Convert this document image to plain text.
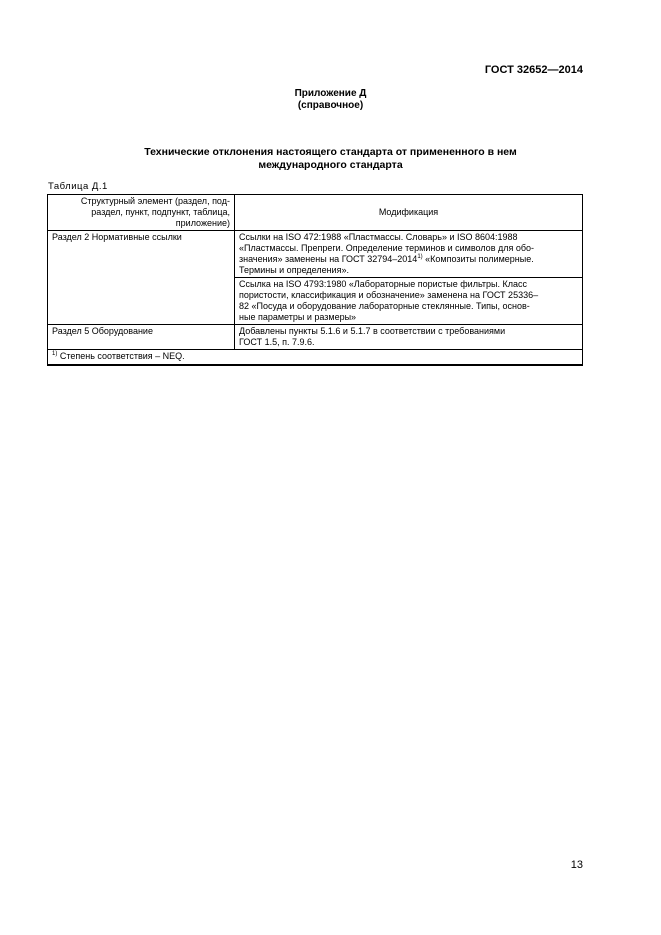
ГОСТ 32652—2014
Приложение Д
(справочное)
Технические отклонения настоящего стандарта от примененного в нем
международного стандарта
Таблица Д.1
Структурный элемент (раздел, под-
раздел, пункт, подпункт, таблица,
приложение)	Модификация
Раздел 2 Нормативные ссылки	Ссылки на ISO 472:1988 «Пластмассы. Словарь» и ISO 8604:1988
«Пластмассы. Препреги. Определение терминов и символов для обо-
значения» заменены на ГОСТ 32794–2014$^{1)}$ «Композиты полимерные.
Термины и определения».

	Ссылка на ISO 4793:1980 «Лабораторные пористые фильтры. Класс
пористости, классификация и обозначение» заменена на ГОСТ 25336–
82 «Посуда и оборудование лабораторные стеклянные. Типы, основ-
ные параметры и размеры»

Раздел 5 Оборудование	Добавлены пункты 5.1.6 и 5.1.7 в соответствии с требованиями
ГОСТ 1.5, п. 7.9.6.

$^{1)}$ Степень соответствия – NEQ.	
13
